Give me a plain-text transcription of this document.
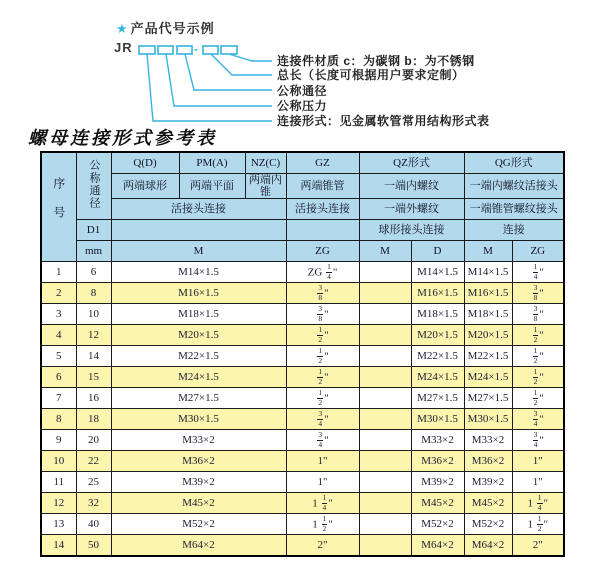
★ 产品代号示例
JR	-
连接件材质 c：为碳钢 b：为不锈钢
总长（长度可根据用户要求定制）
公称通径
公称压力
连接形式：见金属软管常用结构形式表
螺母连接形式参考表
序号	公称通径	Q(D)	PM(A)	NZ(C)	GZ	QZ形式		QG形式	
		两端球形	两端平面	两端内锥	两端锥管	一端内螺纹		一端内螺纹活接头	
		活接头连接			活接头连接	一端外螺纹		一端锥管螺纹接头	
	D1					球形接头连接		连接	
	mm	M			ZG	M	D	M	ZG
1	6	M14×1.5			ZG $\frac{1}{4}$ "		M14×1.5	M14×1.5	$\frac{1}{4}$ "
2	8	M16×1.5			$\frac{3}{8}$ "		M16×1.5	M16×1.5	$\frac{3}{8}$ "
3	10	M18×1.5			$\frac{3}{8}$ "		M18×1.5	M18×1.5	$\frac{3}{8}$ "
4	12	M20×1.5			$\frac{1}{2}$ "		M20×1.5	M20×1.5	$\frac{1}{2}$ "
5	14	M22×1.5			$\frac{1}{2}$ "		M22×1.5	M22×1.5	$\frac{1}{2}$ "
6	15	M24×1.5			$\frac{1}{2}$ "		M24×1.5	M24×1.5	$\frac{1}{2}$ "
7	16	M27×1.5			$\frac{1}{2}$ "		M27×1.5	M27×1.5	$\frac{1}{2}$ "
8	18	M30×1.5			$\frac{3}{4}$ "		M30×1.5	M30×1.5	$\frac{3}{4}$ "
9	20	M33×2			$\frac{3}{4}$ "		M33×2	M33×2	$\frac{3}{4}$ "
10	22	M36×2			1"		M36×2	M36×2	1"
11	25	M39×2			1"		M39×2	M39×2	1"
12	32	M45×2			$1 \frac{1}{4}$ "		M45×2	M45×2	$1 \frac{1}{4}$ "
13	40	M52×2			$1 \frac{1}{2}$ "		M52×2	M52×2	$1 \frac{1}{2}$ "
14	50	M64×2			2"		M64×2	M64×2	2"
